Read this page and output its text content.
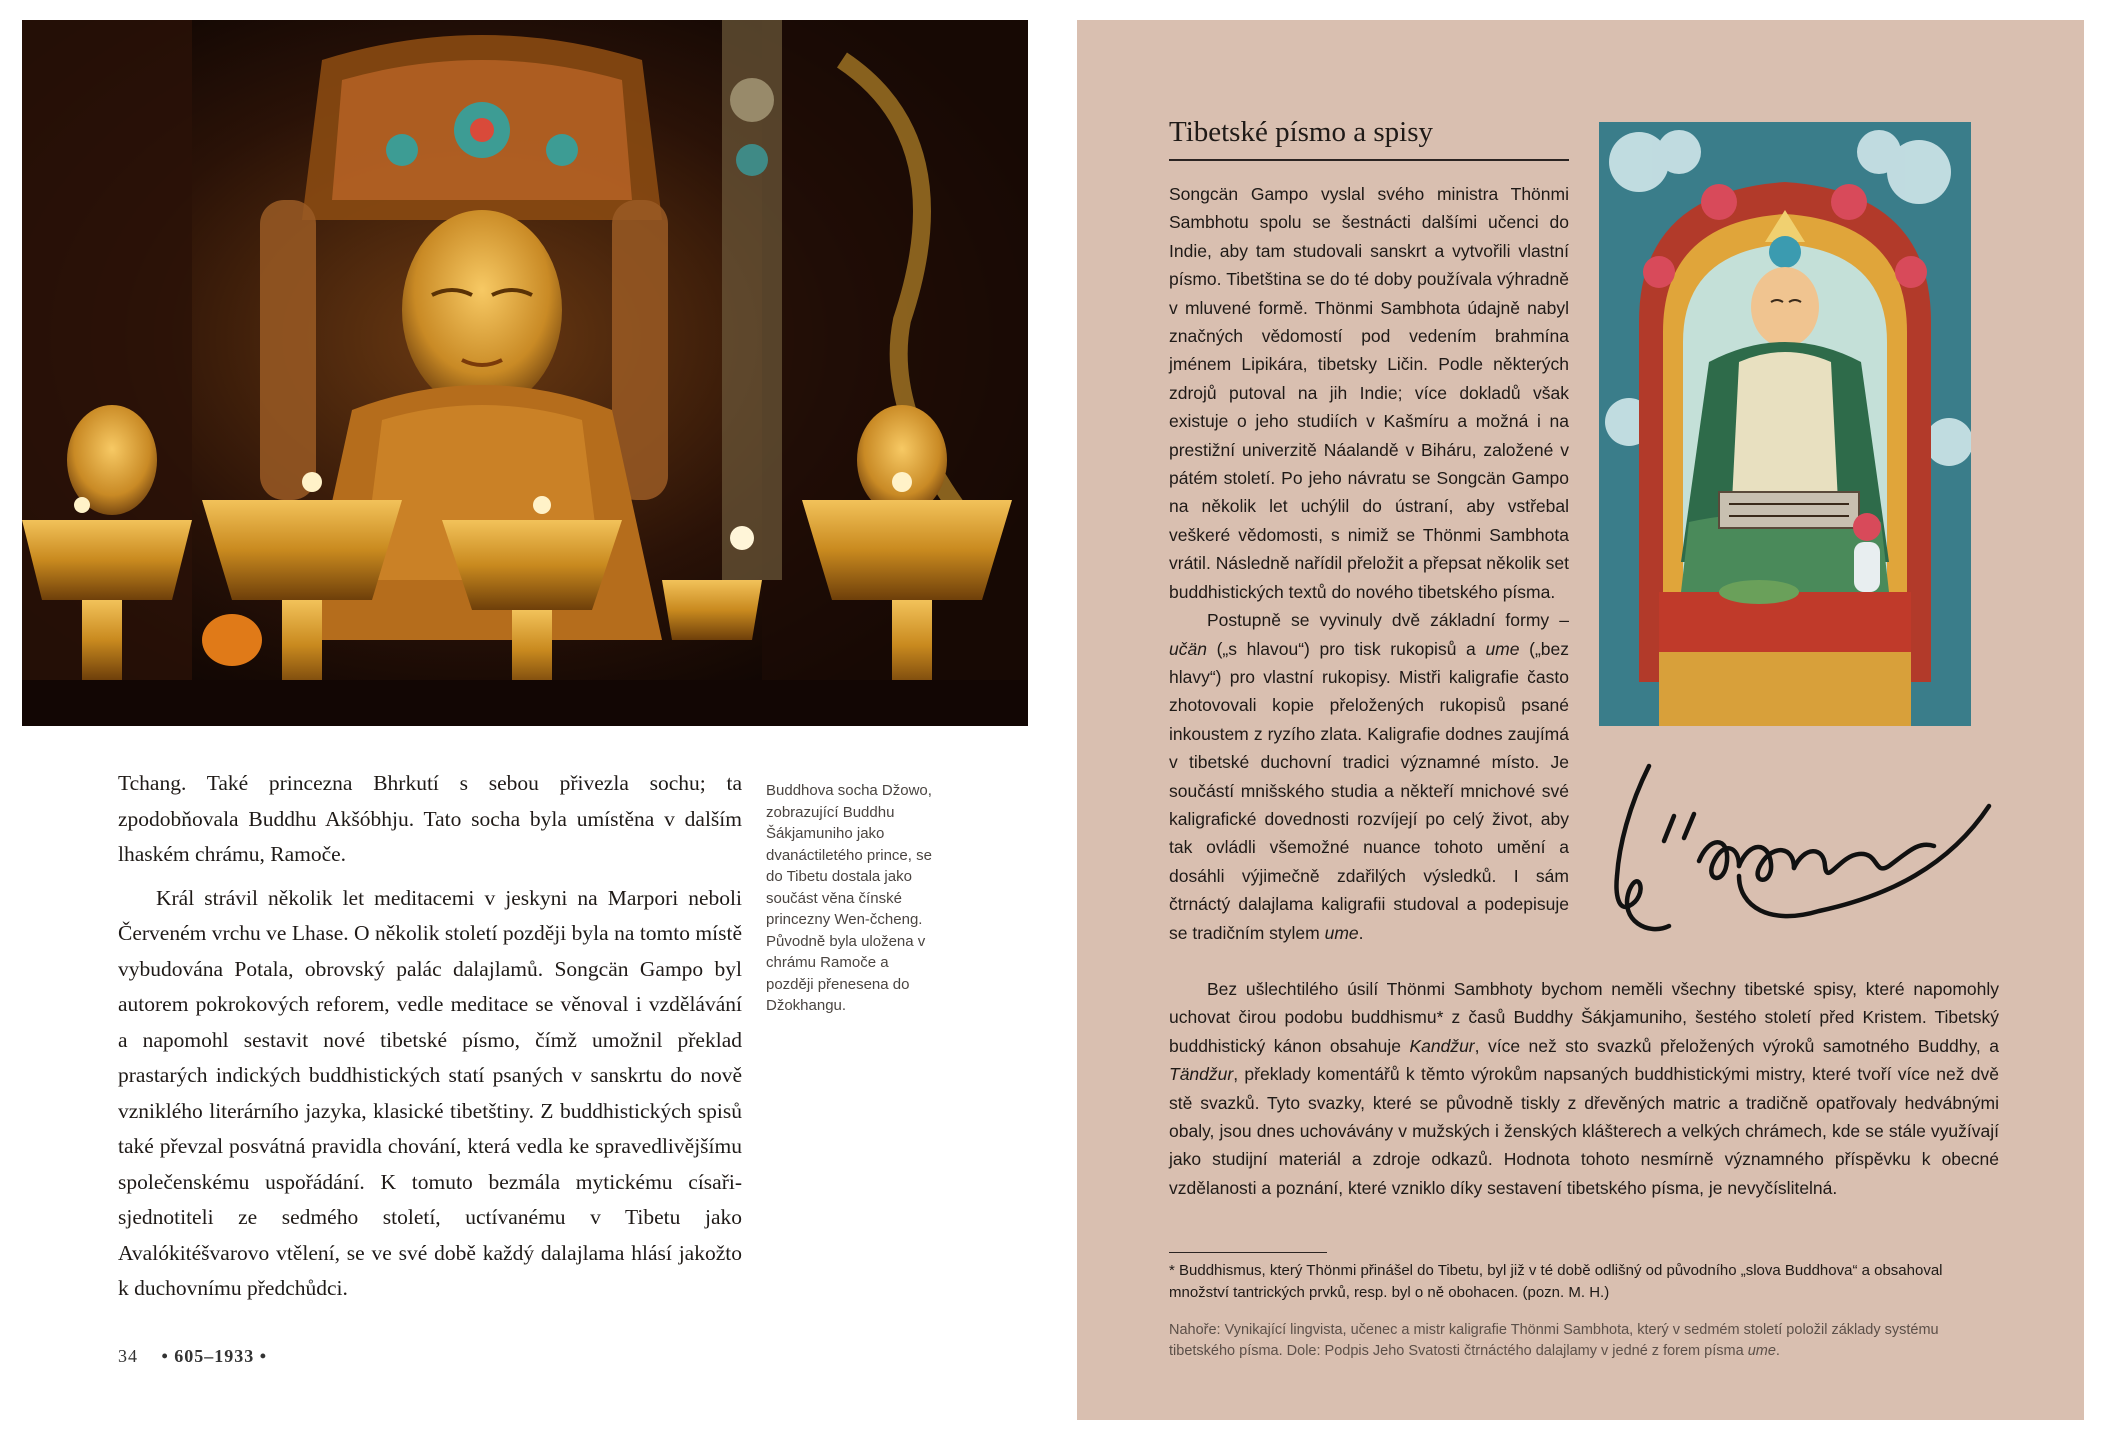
Tchang. Také princezna Bhrkutí s sebou přivezla sochu; ta zpodobňovala Buddhu Akšóbhju. Tato socha byla umístěna v dalším lhaském chrámu, Ramoče.

Král strávil několik let meditacemi v jeskyni na Marpori neboli Červeném vrchu ve Lhase. O několik století později byla na tomto místě vybudována Potala, obrovský palác dalajlamů. Songcän Gampo byl autorem pokrokových reforem, vedle meditace se věnoval i vzdělávání a napomohl sestavit nové tibetské písmo, čímž umožnil překlad prastarých indických buddhistických statí psaných v sanskrtu do nově vzniklého literárního jazyka, klasické tibetštiny. Z buddhistických spisů také převzal posvátná pravidla chování, která vedla ke spravedlivějšímu společenskému uspořádání. K tomuto bezmála mytickému císaři-sjednotiteli ze sedmého století, uctívanému v Tibetu jako Avalókitéšvarovo vtělení, se ve své době každý dalajlama hlásí jakožto k duchovnímu předchůdci.

Buddhova socha Džowo, zobrazující Buddhu Šákjamuniho jako dvanáctiletého prince, se do Tibetu dostala jako součást věna čínské princezny Wen-čcheng. Původně byla uložena v chrámu Ramoče a později přenesena do Džokhangu.
34 • 605–1933 •
Tibetské písmo a spisy

Songcän Gampo vyslal svého ministra Thönmi Sambhotu spolu se šestnácti dalšími učenci do Indie, aby tam studovali sanskrt a vytvořili vlastní písmo. Tibetština se do té doby používala výhradně v mluvené formě. Thönmi Sambhota údajně nabyl značných vědomostí pod vedením brahmína jménem Lipikára, tibetsky Ličin. Podle některých zdrojů putoval na jih Indie; více dokladů však existuje o jeho studiích v Kašmíru a možná i na prestižní univerzitě Náalandě v Biháru, založené v pátém století. Po jeho návratu se Songcän Gampo na několik let uchýlil do ústraní, aby vstřebal veškeré vědomosti, s nimiž se Thönmi Sambhota vrátil. Následně nařídil přeložit a přepsat několik set buddhistických textů do nového tibetského písma.

Postupně se vyvinuly dvě základní formy – učän („s hlavou“) pro tisk rukopisů a ume („bez hlavy“) pro vlastní rukopisy. Mistři kaligrafie často zhotovovali kopie přeložených rukopisů psané inkoustem z ryzího zlata. Kaligrafie dodnes zaujímá v tibetské duchovní tradici významné místo. Je součástí mnišského studia a někteří mnichové své kaligrafické dovednosti rozvíjejí po celý život, aby tak ovládli všemožné nuance tohoto umění a dosáhli výjimečně zdařilých výsledků. I sám čtrnáctý dalajlama kaligrafii studoval a podepisuje se tradičním stylem ume.

Bez ušlechtilého úsilí Thönmi Sambhoty bychom neměli všechny tibetské spisy, které napomohly uchovat čirou podobu buddhismu* z časů Buddhy Šákjamuniho, šestého století před Kristem. Tibetský buddhistický kánon obsahuje Kandžur, více než sto svazků přeložených výroků samotného Buddhy, a Tändžur, překlady komentářů k těmto výrokům napsaných buddhistickými mistry, které tvoří více než dvě stě svazků. Tyto svazky, které se původně tiskly z dřevěných matric a tradičně opatřovaly hedvábnými obaly, jsou dnes uchovávány v mužských i ženských klášterech a velkých chrámech, kde se stále využívají jako studijní materiál a zdroje odkazů. Hodnota tohoto nesmírně významného příspěvku k obecné vzdělanosti a poznání, které vzniklo díky sestavení tibetského písma, je nevyčíslitelná.

* Buddhismus, který Thönmi přinášel do Tibetu, byl již v té době odlišný od původního „slova Buddhova“ a obsahoval množství tantrických prvků, resp. byl o ně obohacen. (pozn. M. H.)

Nahoře: Vynikající lingvista, učenec a mistr kaligrafie Thönmi Sambhota, který v sedmém století položil základy systému tibetského písma. Dole: Podpis Jeho Svatosti čtrnáctého dalajlamy v jedné z forem písma ume.
